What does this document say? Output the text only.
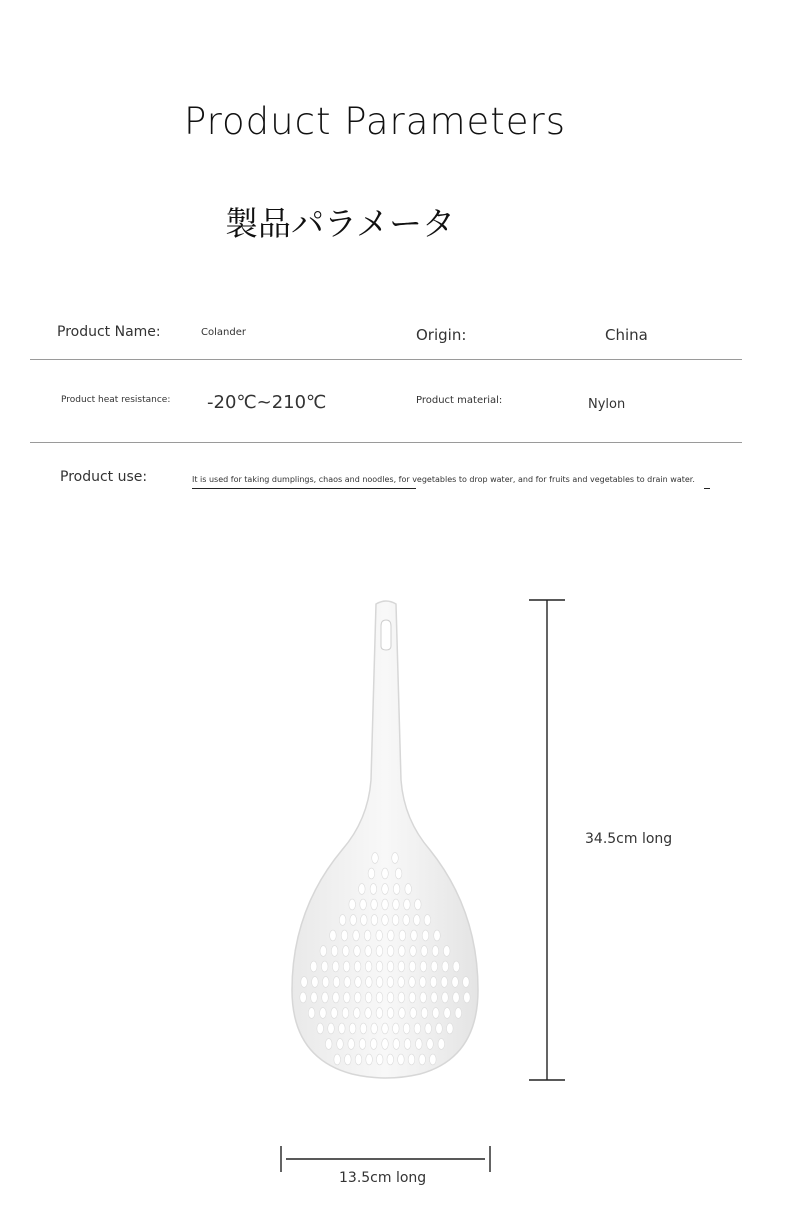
Product Parameters
製品パラメータ
Product Name:	Colander	Origin:	China
Product heat resistance: -20℃~210℃	Product material:	Nylon
Product use:	It is used for taking dumplings, chaos and noodles, for vegetables to drop water, and for fruits and vegetables to drain water.
34.5cm long
13.5cm long
